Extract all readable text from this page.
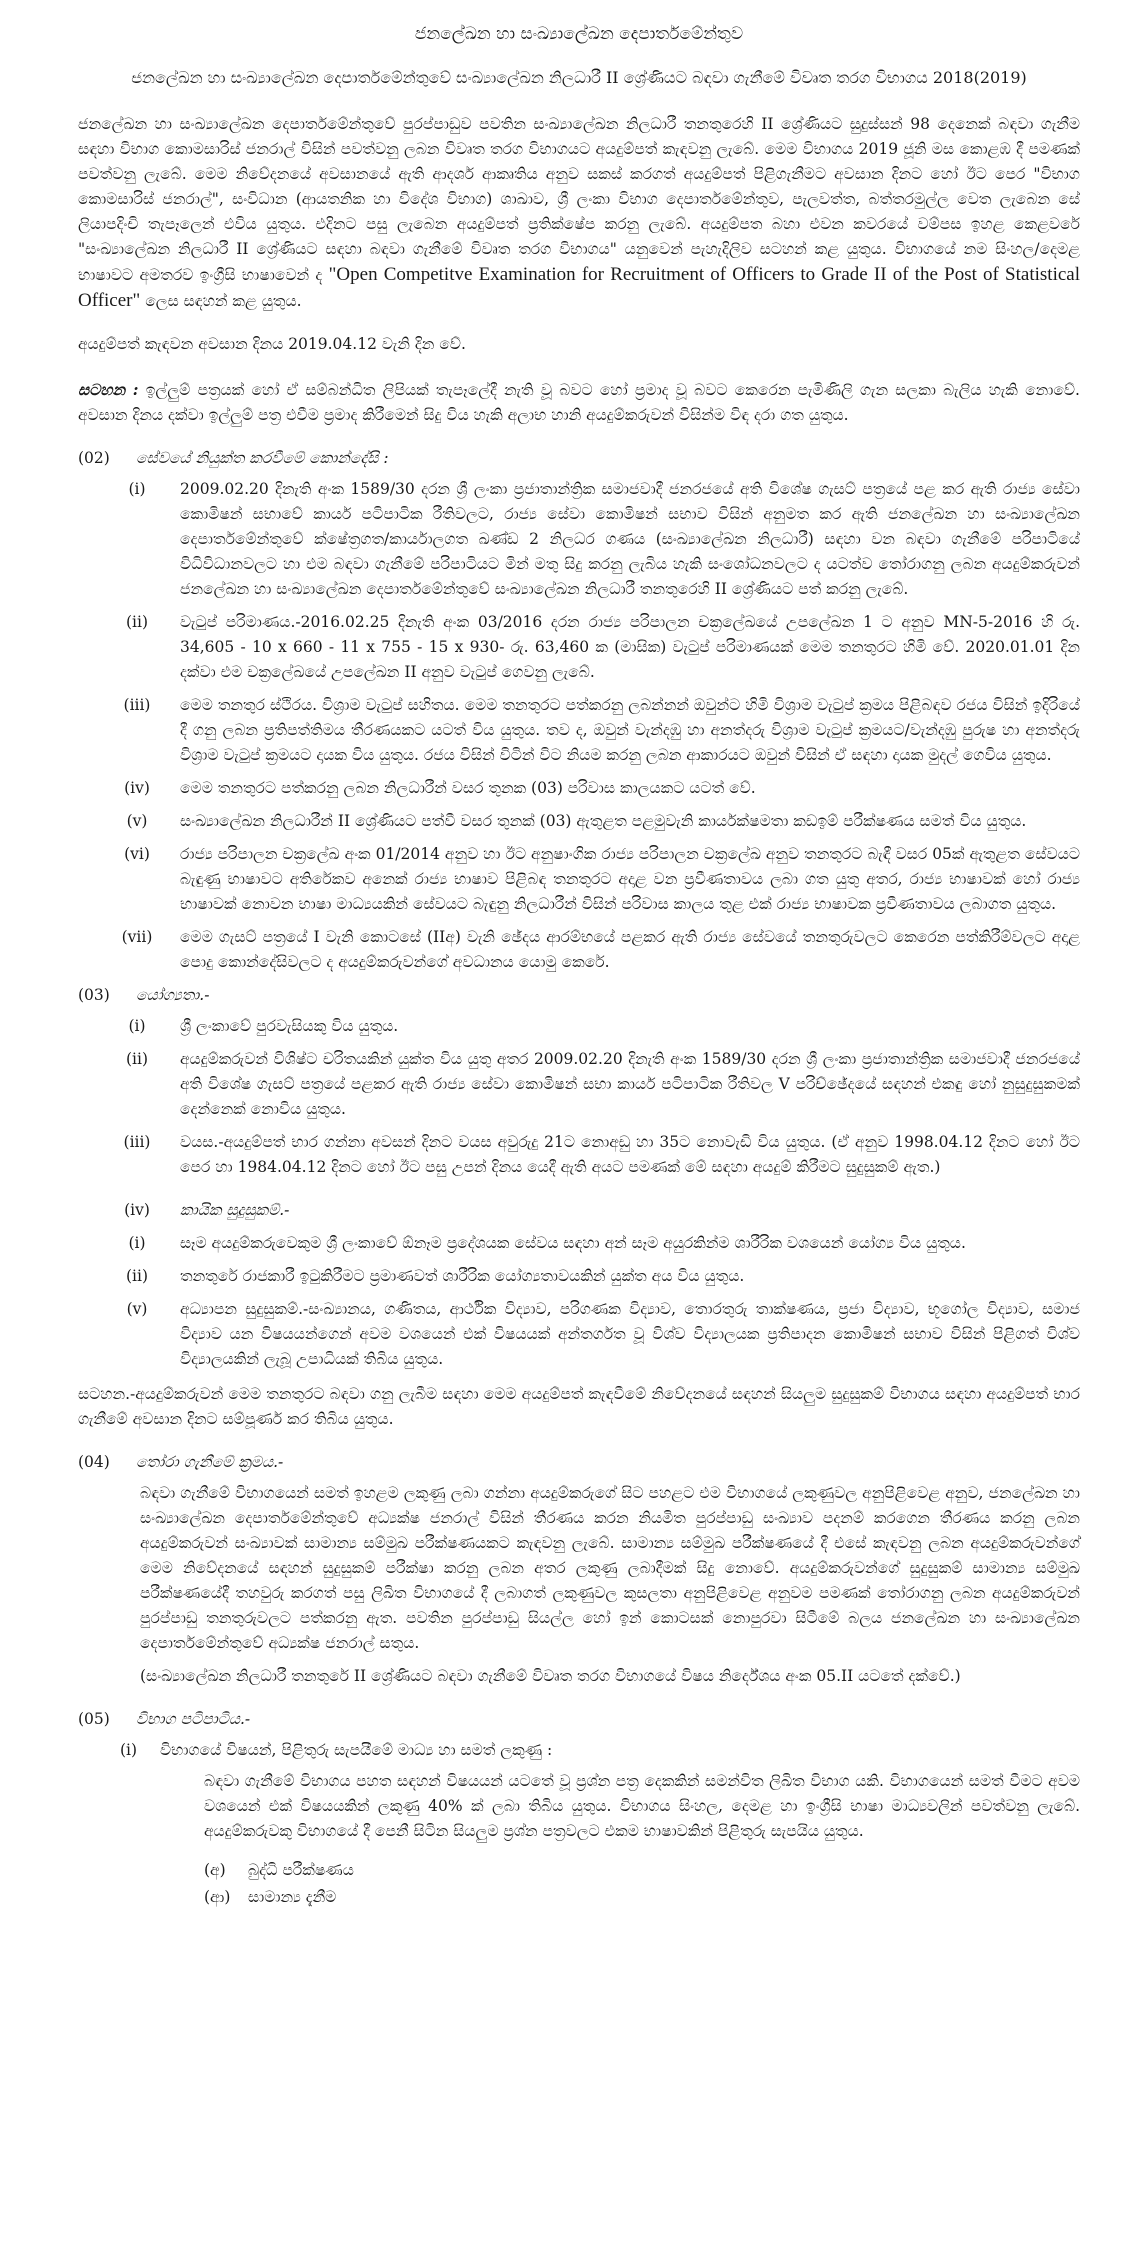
ජනලේඛන හා සංඛ්‍යාලේඛන දෙපාර්තමේන්තුව
ජනලේඛන හා සංඛ්‍යාලේඛන දෙපාර්තමේන්තුවේ සංඛ්‍යාලේඛන නිලධාරී II ශ්‍රේණියට බඳවා ගැනීමේ විවෘත තරග විභාගය 2018(2019)

ජනලේඛන හා සංඛ්‍යාලේඛන දෙපාර්තමේන්තුවේ පුරප්පාඩුව පවතින සංඛ්‍යාලේඛන නිලධාරී තනතුරෙහි II ශ්‍රේණියට සුදුස්සන් 98 දෙනෙක් බඳවා ගැනීම සඳහා විභාග කොමසාරිස් ජනරාල් විසින් පවත්වනු ලබන විවෘත තරග විභාගයට අයදුම්පත් කැඳවනු ලැබේ. මෙම විභාගය 2019 ජූනි මස කොළඹ දී පමණක් පවත්වනු ලැබේ. මෙම නිවේදනයේ අවසානයේ ඇති ආදර්ශ ආකෘතිය අනුව සකස් කරගත් අයදුම්පත් පිළිගැනීමට අවසාන දිනට හෝ ඊට පෙර "විභාග කොමසාරිස් ජනරාල්", සංවිධාන (ආයතනික හා විදේශ විභාග) ශාඛාව, ශ්‍රී ලංකා විභාග දෙපාර්තමේන්තුව, පැලවත්ත, බත්තරමුල්ල වෙත ලැබෙන සේ ලියාපදිංචි තැපෑලෙන් එවිය යුතුය. එදිනට පසු ලැබෙන අයදුම්පත් ප්‍රතික්ෂේප කරනු ලැබේ. අයදුම්පත බහා එවන කවරයේ වම්පස ඉහළ කෙළවරේ "සංඛ්‍යාලේඛන නිලධාරී II ශ්‍රේණියට සඳහා බඳවා ගැනීමේ විවෘත තරග විභාගය" යනුවෙන් පැහැදිලිව සටහන් කළ යුතුය. විභාගයේ නම සිංහල/දෙමළ භාෂාවට අමතරව ඉංග්‍රීසි භාෂාවෙන් ද "Open Competitve Examination for Recruitment of Officers to Grade II of the Post of Statistical Officer" ලෙස සඳහන් කළ යුතුය.

අයදුම්පත් කැඳවන අවසාන දිනය 2019.04.12 වැනි දින වේ.

සටහන : ඉල්ලුම් පත්‍රයක් හෝ ඒ සම්බන්ධිත ලිපියක් තැපෑලේදී නැති වූ බවට හෝ ප්‍රමාද වූ බවට කෙරෙන පැමිණිලි ගැන සලකා බැලිය හැකි නොවේ. අවසාන දිනය දක්වා ඉල්ලුම් පත්‍ර එවීම ප්‍රමාද කිරීමෙන් සිදු විය හැකි අලාභ හානි අයදුම්කරුවන් විසින්ම විඳ දරා ගත යුතුය.

(02)	සේවයේ නියුක්ත කරවීමේ කොන්දේසි :
(i)	2009.02.20 දිනැති අංක 1589/30 දරන ශ්‍රී ලංකා ප්‍රජාතාන්ත්‍රික සමාජවාදී ජනරජයේ අති විශේෂ ගැසට් පත්‍රයේ පළ කර ඇති රාජ්‍ය සේවා කොමිෂන් සභාවේ කාර්ය පටිපාටික රීතිවලට, රාජ්‍ය සේවා කොමිෂන් සභාව විසින් අනුමත කර ඇති ජනලේඛන හා සංඛ්‍යාලේඛන දෙපාර්තමේන්තුවේ ක්ෂේත්‍රගත/කාර්යාලගත ඛණ්ඩ 2 නිලධර ගණය (සංඛ්‍යාලේඛන නිලධාරී) සඳහා වන බඳවා ගැනීමේ පරිපාටියේ විධිවිධානවලට හා එම බඳවා ගැනීමේ පරිපාටියට මින් මතු සිදු කරනු ලැබිය හැකි සංශෝධනවලට ද යටත්ව තෝරාගනු ලබන අයදුම්කරුවන් ජනලේඛන හා සංඛ්‍යාලේඛන දෙපාර්තමේන්තුවේ සංඛ්‍යාලේඛන නිලධාරී තනතුරෙහි II ශ්‍රේණියට පත් කරනු ලැබේ.
(ii)	වැටුප් පරිමාණය.-2016.02.25 දිනැති අංක 03/2016 දරන රාජ්‍ය පරිපාලන චක්‍රලේඛයේ උපලේඛන 1 ට අනුව MN-5-2016 හි රු. 34,605 - 10 x 660 - 11 x 755 - 15 x 930- රු. 63,460 ක (මාසික) වැටුප් පරිමාණයක් මෙම තනතුරට හිමි වේ. 2020.01.01 දින දක්වා එම චක්‍රලේඛයේ උපලේඛන II අනුව වැටුප් ගෙවනු ලැබේ.
(iii)	මෙම තනතුර ස්ථිරය. විශ්‍රාම වැටුප් සහිතය. මෙම තනතුරට පත්කරනු ලබන්නන් ඔවුන්ට හිමි විශ්‍රාම වැටුප් ක්‍රමය පිළිබඳව රජය විසින් ඉදිරියේ දී ගනු ලබන ප්‍රතිපත්තිමය තීරණයකට යටත් විය යුතුය. තව ද, ඔවුන් වැන්දඹු හා අනත්දරු විශ්‍රාම වැටුප් ක්‍රමයට/වැන්දඹු පුරුෂ හා අනත්දරු විශ්‍රාම වැටුප් ක්‍රමයට දායක විය යුතුය. රජය විසින් විටින් විට නියම කරනු ලබන ආකාරයට ඔවුන් විසින් ඒ සඳහා දායක මුදල් ගෙවිය යුතුය.
(iv)	මෙම තනතුරට පත්කරනු ලබන නිලධාරීන් වසර තුනක (03) පරිවාස කාලයකට යටත් වේ.
(v)	සංඛ්‍යාලේඛන නිලධාරීන් II ශ්‍රේණියට පත්වී වසර තුනක් (03) ඇතුළත පළමුවැනි කාර්යක්ෂමතා කඩඉම් පරීක්ෂණය සමත් විය යුතුය.
(vi)	රාජ්‍ය පරිපාලන චක්‍රලේඛ අංක 01/2014 අනුව හා ඊට අනුෂාංගික රාජ්‍ය පරිපාලන චක්‍රලේඛ අනුව තනතුරට බැඳී වසර 05ක් ඇතුළත සේවයට බැඳුණු භාෂාවට අතිරේකව අනෙක් රාජ්‍ය භාෂාව පිළිබඳ තනතුරට අදාළ වන ප්‍රවීණතාවය ලබා ගත යුතු අතර, රාජ්‍ය භාෂාවක් හෝ රාජ්‍ය භාෂාවක් නොවන භාෂා මාධ්‍යයකින් සේවයට බැඳුනු නිලධාරීන් විසින් පරිවාස කාලය තුළ එක් රාජ්‍ය භාෂාවක ප්‍රවීණතාවය ලබාගත යුතුය.
(vii)	මෙම ගැසට් පත්‍රයේ I වැනි කොටසේ (IIඅ) වැනි ඡේදය ආරම්භයේ පළකර ඇති රාජ්‍ය සේවයේ තනතුරුවලට කෙරෙන පත්කිරීම්වලට අදාළ පොදු කොන්දේසිවලට ද අයදුම්කරුවන්ගේ අවධානය යොමු කෙරේ.
(03)	යෝග්‍යතා.-
(i)	ශ්‍රී ලංකාවේ පුරවැසියකු විය යුතුය.
(ii)	අයදුම්කරුවන් විශිෂ්ට චරිතයකින් යුක්ත විය යුතු අතර 2009.02.20 දිනැති අංක 1589/30 දරන ශ්‍රී ලංකා ප්‍රජාතාන්ත්‍රික සමාජවාදී ජනරජයේ අති විශේෂ ගැසට් පත්‍රයේ පළකර ඇති රාජ්‍ය සේවා කොමිෂන් සභා කාර්ය පටිපාටික රීතිවල V පරිච්ඡේදයේ සඳහන් එකඳු හෝ නුසුදුසුකමක් දෙන්නෙක් නොවිය යුතුය.
(iii)	වයස.-අයදුම්පත් භාර ගන්නා අවසන් දිනට වයස අවුරුදු 21ට නොඅඩු හා 35ට නොවැඩි විය යුතුය. (ඒ අනුව 1998.04.12 දිනට හෝ ඊට පෙර හා 1984.04.12 දිනට හෝ ඊට පසු උපන් දිනය යෙදී ඇති අයට පමණක් මේ සඳහා අයදුම් කිරීමට සුදුසුකම් ඇත.)
(iv)	කායික සුදුසුකම්.-
(i)	සෑම අයදුම්කරුවෙකුම ශ්‍රී ලංකාවේ ඕනෑම ප්‍රදේශයක සේවය සඳහා අන් සෑම අයුරකින්ම ශාරීරික වශයෙන් යෝග්‍ය විය යුතුය.
(ii)	තනතුරේ රාජකාරී ඉටුකිරීමට ප්‍රමාණවත් ශාරීරික යෝග්‍යතාවයකින් යුක්ත අය විය යුතුය.
(v)	අධ්‍යාපන සුදුසුකම්.-සංඛ්‍යානය, ගණිතය, ආර්ථික විද්‍යාව, පරිගණක විද්‍යාව, තොරතුරු තාක්ෂණය, ප්‍රජා විද්‍යාව, භූගෝල විද්‍යාව, සමාජ විද්‍යාව යන විෂයයන්ගෙන් අවම වශයෙන් එක් විෂයයක් අන්තර්ගත වූ විශ්ව විද්‍යාලයක ප්‍රතිපාදන කොමිෂන් සභාව විසින් පිළිගත් විශ්ව විද්‍යාලයකින් ලැබූ උපාධියක් තිබිය යුතුය.

සටහන.-අයදුම්කරුවන් මෙම තනතුරට බඳවා ගනු ලැබීම සඳහා මෙම අයදුම්පත් කැඳවීමේ නිවේදනයේ සඳහන් සියලුම සුදුසුකම් විභාගය සඳහා අයදුම්පත් භාර ගැනීමේ අවසාන දිනට සම්පූර්ණ කර තිබිය යුතුය.

(04)	තෝරා ගැනීමේ ක්‍රමය.-

බඳවා ගැනීමේ විභාගයෙන් සමත් ඉහළම ලකුණු ලබා ගන්නා අයදුම්කරුගේ සිට පහළට එම විභාගයේ ලකුණුවල අනුපිළිවෙළ අනුව, ජනලේඛන හා සංඛ්‍යාලේඛන දෙපාර්තමේන්තුවේ අධ්‍යක්ෂ ජනරාල් විසින් තීරණය කරන නියමිත පුරප්පාඩු සංඛ්‍යාව පදනම් කරගෙන තීරණය කරනු ලබන අයදුම්කරුවන් සංඛ්‍යාවක් සාමාන්‍ය සම්මුඛ පරීක්ෂණයකට කැඳවනු ලැබේ. සාමාන්‍ය සම්මුඛ පරීක්ෂණයේ දී එසේ කැඳවනු ලබන අයදුම්කරුවන්ගේ මෙම නිවේදනයේ සඳහන් සුදුසුකම් පරීක්ෂා කරනු ලබන අතර ලකුණු ලබාදීමක් සිදු නොවේ. අයදුම්කරුවන්ගේ සුදුසුකම් සාමාන්‍ය සම්මුඛ පරීක්ෂණයේදී තහවුරු කරගත් පසු ලිඛිත විභාගයේ දී ලබාගත් ලකුණුවල කුසලතා අනුපිළිවෙළ අනුවම පමණක් තෝරාගනු ලබන අයදුම්කරුවන් පුරප්පාඩු තනතුරුවලට පත්කරනු ඇත. පවතින පුරප්පාඩු සියල්ල හෝ ඉන් කොටසක් නොපුරවා සිටීමේ බලය ජනලේඛන හා සංඛ්‍යාලේඛන දෙපාර්තමේන්තුවේ අධ්‍යක්ෂ ජනරාල් සතුය.

(සංඛ්‍යාලේඛන නිලධාරී තනතුරේ II ශ්‍රේණියට බඳවා ගැනීමේ විවෘත තරග විභාගයේ විෂය නිර්දේශය අංක 05.II යටතේ දක්වේ.)

(05)	විභාග පටිපාටිය.-
(i)	විභාගයේ විෂයන්, පිළිතුරු සැපයීමේ මාධ්‍ය හා සමත් ලකුණු :

බඳවා ගැනීමේ විභාගය පහත සඳහන් විෂයයන් යටතේ වූ ප්‍රශ්න පත්‍ර දෙකකින් සමන්විත ලිඛිත විභාග යකි. විභාගයෙන් සමත් වීමට අවම වශයෙන් එක් විෂයයකින් ලකුණු 40% ක් ලබා තිබිය යුතුය. විභාගය සිංහල, දෙමළ හා ඉංග්‍රීසි භාෂා මාධ්‍යවලින් පවත්වනු ලැබේ. අයදුම්කරුවකු විභාගයේ දී පෙනී සිටින සියලුම ප්‍රශ්න පත්‍රවලට එකම භාෂාවකින් පිළිතුරු සැපයිය යුතුය.

(අ)	බුද්ධි පරීක්ෂණය
(ආ)	සාමාන්‍ය දැනීම
